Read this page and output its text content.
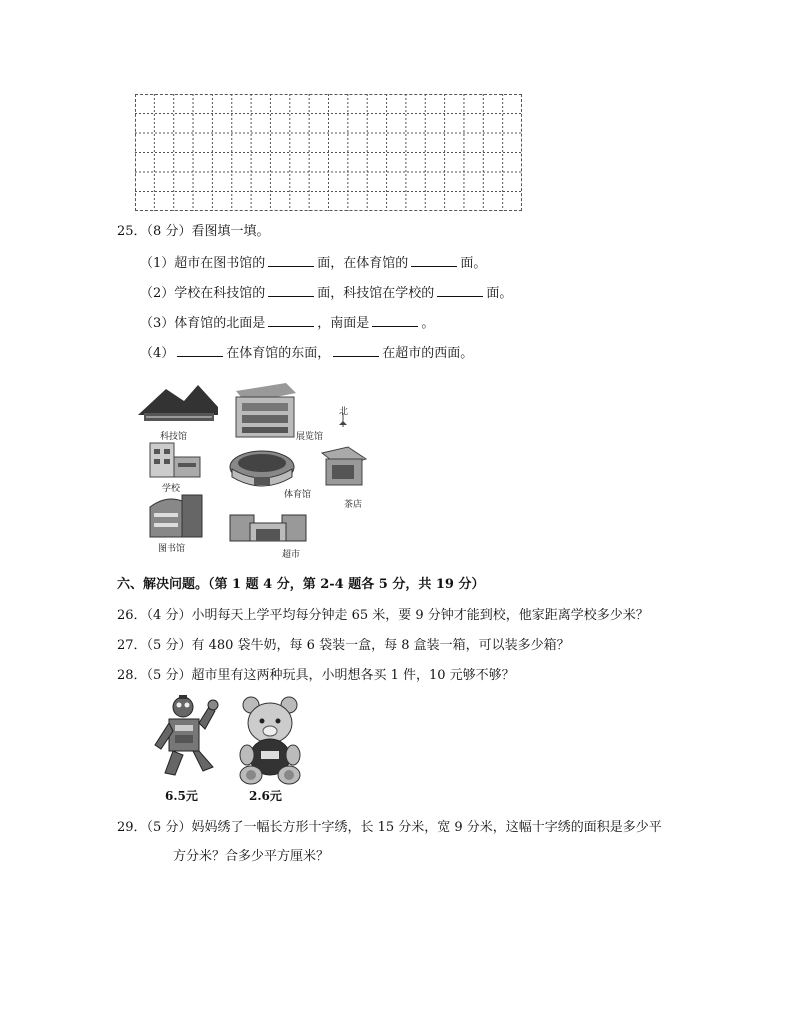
25．（8 分）看图填一填。
（1）超市在图书馆的	面，在体育馆的	面。
（2）学校在科技馆的	面，科技馆在学校的	面。
（3）体育馆的北面是	，南面是	。
（4）	在体育馆的东面，	在超市的西面。
科技馆	展览馆
北
学校
体育馆
茶店
图书馆
超市
六、解决问题。（第 1 题 4 分，第 2-4 题各 5 分，共 19 分）
26．（4 分）小明每天上学平均每分钟走 65 米，要 9 分钟才能到校，他家距离学校多少米？
27．（5 分）有 480 袋牛奶，每 6 袋装一盒，每 8 盒装一箱，可以装多少箱？
28．（5 分）超市里有这两种玩具，小明想各买 1 件，10 元够不够？
6.5元	2.6元
29．（5 分）妈妈绣了一幅长方形十字绣，长 15 分米，宽 9 分米，这幅十字绣的面积是多少平
方分米？合多少平方厘米？
